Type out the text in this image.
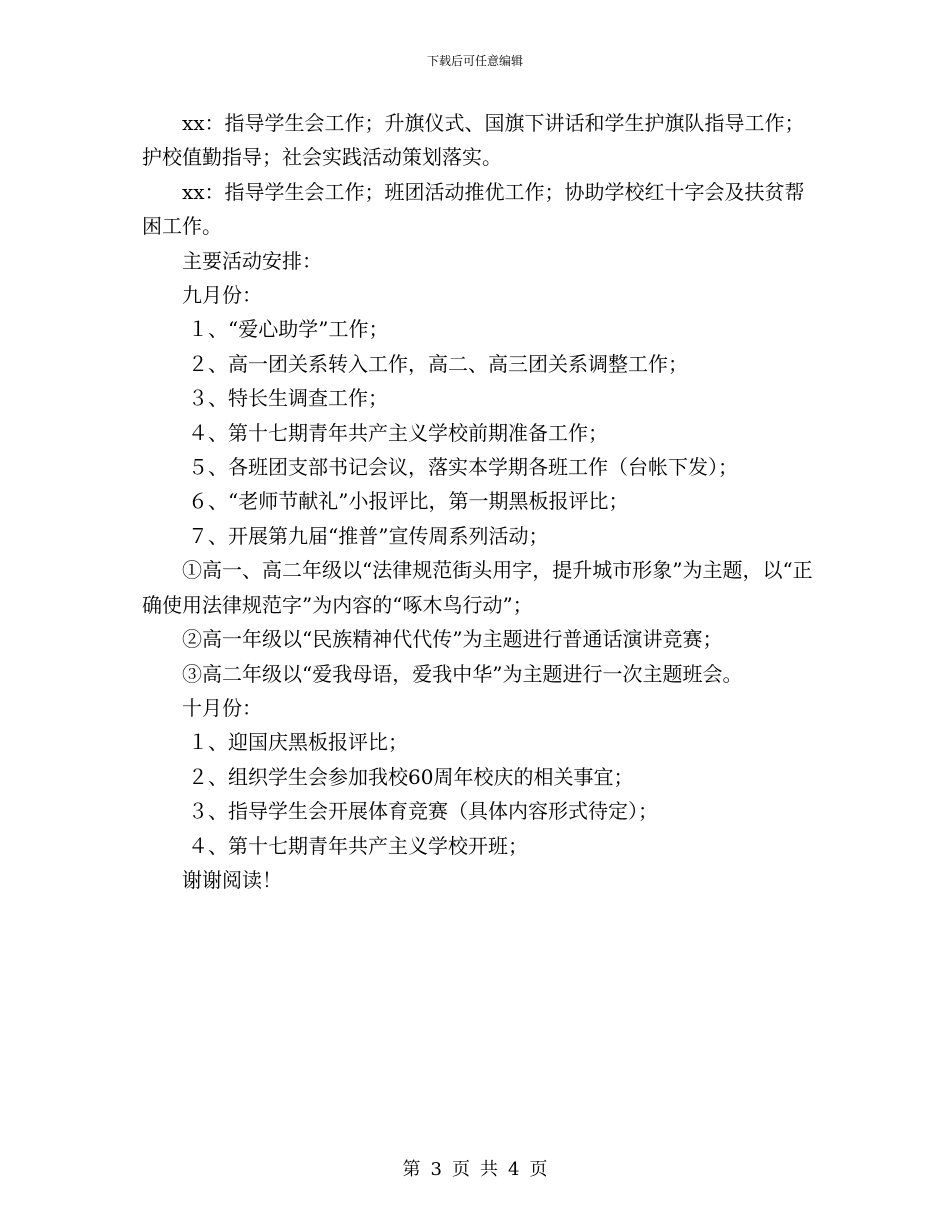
下载后可任意编辑

xx：指导学生会工作；升旗仪式、国旗下讲话和学生护旗队指导工作；护校值勤指导；社会实践活动策划落实。

xx：指导学生会工作；班团活动推优工作；协助学校红十字会及扶贫帮困工作。

主要活动安排：

九月份：

１、“爱心助学”工作；

２、高一团关系转入工作，高二、高三团关系调整工作；

３、特长生调查工作；

４、第十七期青年共产主义学校前期准备工作；

５、各班团支部书记会议，落实本学期各班工作（台帐下发）；

６、“老师节献礼”小报评比，第一期黑板报评比；

７、开展第九届“推普”宣传周系列活动；

①高一、高二年级以“法律规范街头用字，提升城市形象”为主题，以“正确使用法律规范字”为内容的“啄木鸟行动”；

②高一年级以“民族精神代代传”为主题进行普通话演讲竞赛；

③高二年级以“爱我母语，爱我中华”为主题进行一次主题班会。

十月份：

１、迎国庆黑板报评比；

２、组织学生会参加我校60周年校庆的相关事宜；

３、指导学生会开展体育竞赛（具体内容形式待定）；

４、第十七期青年共产主义学校开班；

谢谢阅读！

第 3 页 共 4 页
